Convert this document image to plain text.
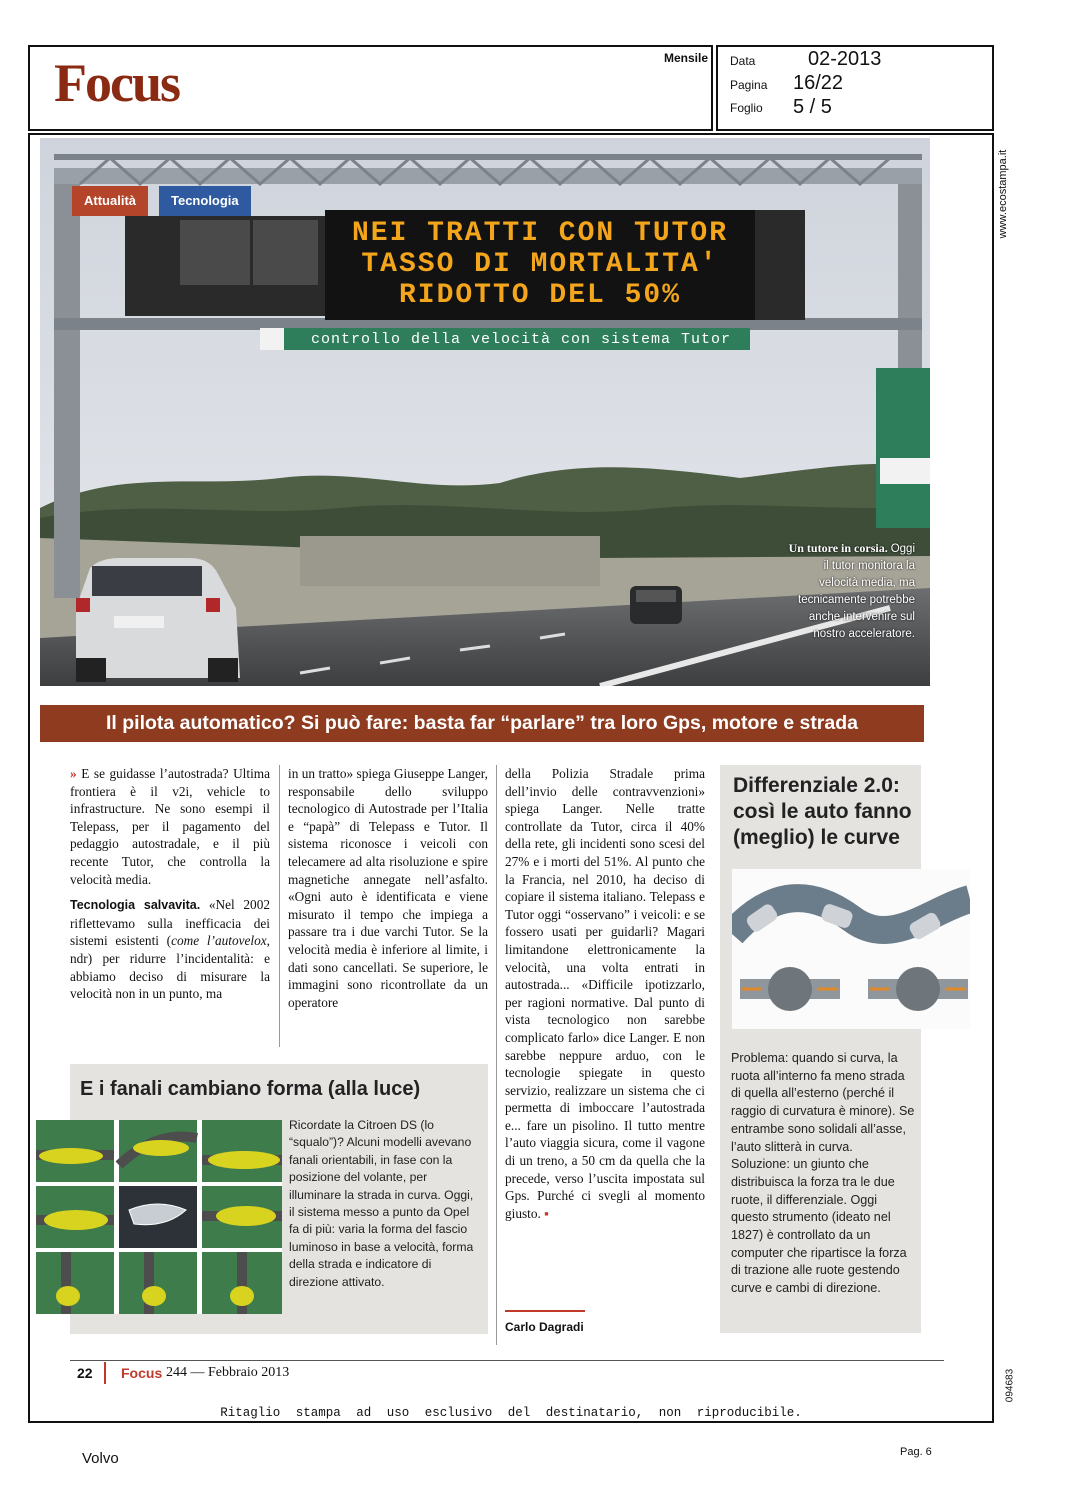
Focus	Mensile Data	02-2013
Pagina 16/22
Foglio 5 / 5
www.ecostampa.it
094683
NEI TRATTI CON TUTOR
TASSO DI MORTALITA'
RIDOTTO DEL 50%
controllo della velocità con sistema Tutor
Un tutore in corsia. Oggi il tutor monitora la velocità media, ma tecnicamente potrebbe anche intervenire sul nostro acceleratore.
Attualità	Tecnologia
Il pilota automatico? Si può fare: basta far “parlare” tra loro Gps, motore e strada
» E se guidasse l’autostrada? Ultima frontiera è il v2i, vehicle to infrastructure. Ne sono esempi il Telepass, per il pagamento del pedaggio autostradale, e il più recente Tutor, che controlla la velocità media.
Tecnologia salvavita. «Nel 2002 riflettevamo sulla inefficacia dei sistemi esistenti (come l’autovelox, ndr) per ridurre l’incidentalità: e abbiamo deciso di misurare la velocità non in un punto, ma
in un tratto» spiega Giuseppe Langer, responsabile dello sviluppo tecnologico di Autostrade per l’Italia e “papà” di Telepass e Tutor. Il sistema riconosce i veicoli con telecamere ad alta risoluzione e spire magnetiche annegate nell’asfalto. «Ogni auto è identificata e viene misurato il tempo che impiega a passare tra i due varchi Tutor. Se la velocità media è inferiore al limite, i dati sono cancellati. Se superiore, le immagini sono ricontrollate da un operatore
della Polizia Stradale prima dell’invio delle contravvenzioni» spiega Langer. Nelle tratte controllate da Tutor, circa il 40% della rete, gli incidenti sono scesi del 27% e i morti del 51%. Al punto che la Francia, nel 2010, ha deciso di copiare il sistema italiano. Telepass e Tutor oggi “osservano” i veicoli: e se fossero usati per guidarli? Magari limitandone elettronicamente la velocità, una volta entrati in autostrada... «Difficile ipotizzarlo, per ragioni normative. Dal punto di vista tecnologico non sarebbe complicato farlo» dice Langer. E non sarebbe neppure arduo, con le tecnologie spiegate in questo servizio, realizzare un sistema che ci permetta di imboccare l’autostrada e... fare un pisolino. Il tutto mentre l’auto viaggia sicura, come il vagone di un treno, a 50 cm da quella che la precede, verso l’uscita impostata sul Gps. Purché ci svegli al momento giusto. ▪
Carlo Dagradi
Differenziale 2.0: così le auto fanno (meglio) le curve
Problema: quando si curva, la ruota all’interno fa meno strada di quella all’esterno (perché il raggio di curvatura è minore). Se entrambe sono solidali all’asse, l’auto slitterà in curva. Soluzione: un giunto che distribuisca la forza tra le due ruote, il differenziale. Oggi questo strumento (ideato nel 1827) è controllato da un computer che ripartisce la forza di trazione alle ruote gestendo curve e cambi di direzione.
E i fanali cambiano forma (alla luce)
Ricordate la Citroen DS (lo “squalo”)? Alcuni modelli avevano fanali orientabili, in fase con la posizione del volante, per illuminare la strada in curva. Oggi, il sistema messo a punto da Opel fa di più: varia la forma del fascio luminoso in base a velocità, forma della strada e indicatore di direzione attivato.
22 Focus 244 — Febbraio 2013
Ritaglio stampa ad uso esclusivo del destinatario, non riproducibile.
Volvo	Pag. 6
